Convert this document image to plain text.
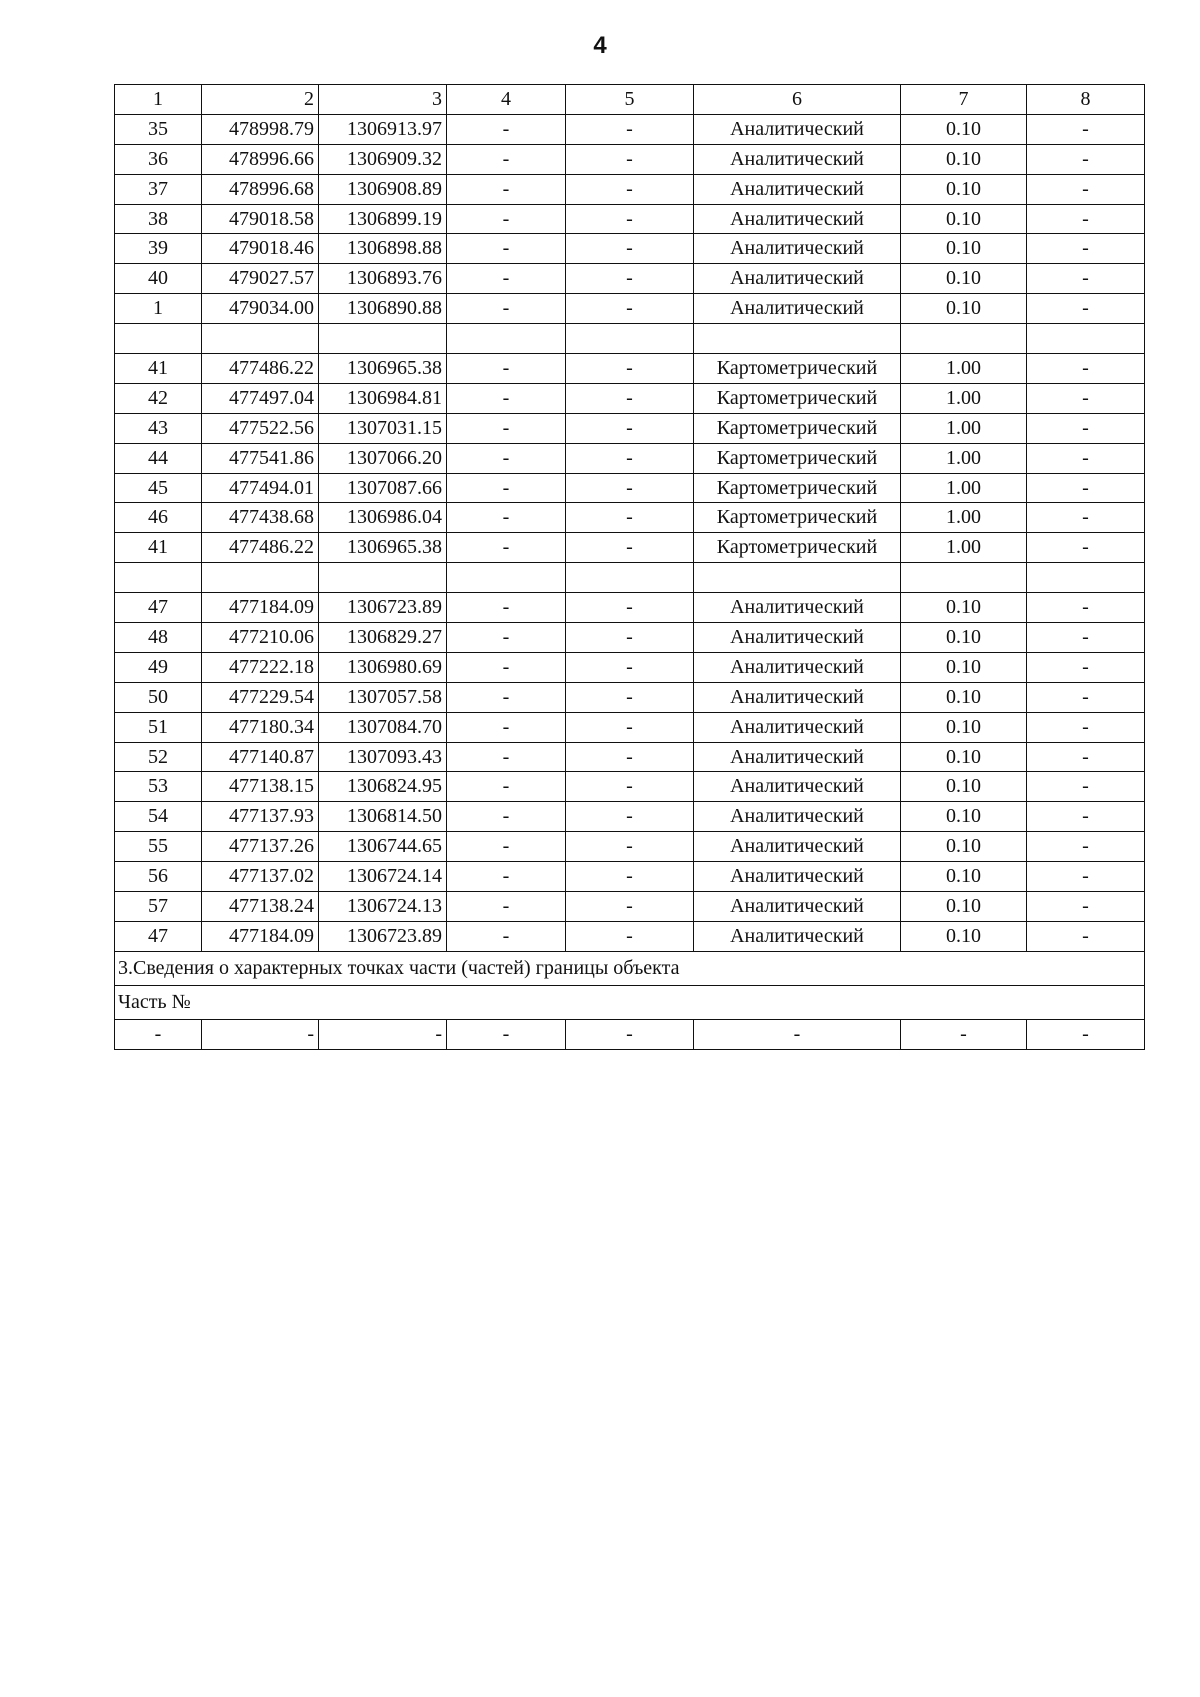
4
1	2	3	4	5	6	7	8
35	478998.79	1306913.97	-	-	Аналитический	0.10	-
36	478996.66	1306909.32	-	-	Аналитический	0.10	-
37	478996.68	1306908.89	-	-	Аналитический	0.10	-
38	479018.58	1306899.19	-	-	Аналитический	0.10	-
39	479018.46	1306898.88	-	-	Аналитический	0.10	-
40	479027.57	1306893.76	-	-	Аналитический	0.10	-
1	479034.00	1306890.88	-	-	Аналитический	0.10	-

41	477486.22	1306965.38	-	-	Картометрический	1.00	-
42	477497.04	1306984.81	-	-	Картометрический	1.00	-
43	477522.56	1307031.15	-	-	Картометрический	1.00	-
44	477541.86	1307066.20	-	-	Картометрический	1.00	-
45	477494.01	1307087.66	-	-	Картометрический	1.00	-
46	477438.68	1306986.04	-	-	Картометрический	1.00	-
41	477486.22	1306965.38	-	-	Картометрический	1.00	-

47	477184.09	1306723.89	-	-	Аналитический	0.10	-
48	477210.06	1306829.27	-	-	Аналитический	0.10	-
49	477222.18	1306980.69	-	-	Аналитический	0.10	-
50	477229.54	1307057.58	-	-	Аналитический	0.10	-
51	477180.34	1307084.70	-	-	Аналитический	0.10	-
52	477140.87	1307093.43	-	-	Аналитический	0.10	-
53	477138.15	1306824.95	-	-	Аналитический	0.10	-
54	477137.93	1306814.50	-	-	Аналитический	0.10	-
55	477137.26	1306744.65	-	-	Аналитический	0.10	-
56	477137.02	1306724.14	-	-	Аналитический	0.10	-
57	477138.24	1306724.13	-	-	Аналитический	0.10	-
47	477184.09	1306723.89	-	-	Аналитический	0.10	-
3.Сведения о характерных точках части (частей) границы объекта							
Часть №							
-	-	-	-	-	-	-	-
